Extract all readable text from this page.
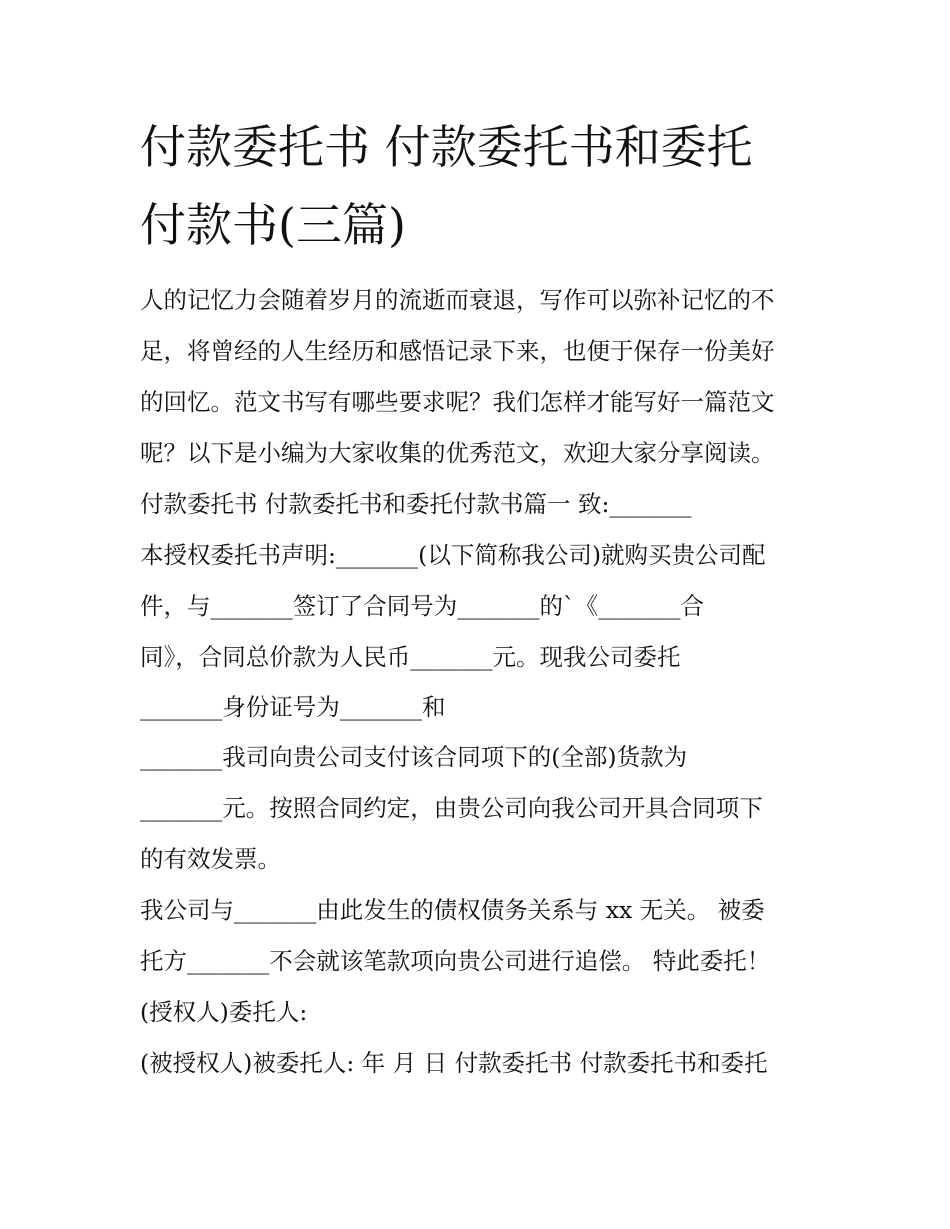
付款委托书 付款委托书和委托
付款书(三篇)
人的记忆力会随着岁月的流逝而衰退，写作可以弥补记忆的不
足，将曾经的人生经历和感悟记录下来，也便于保存一份美好
的回忆。范文书写有哪些要求呢？我们怎样才能写好一篇范文
呢？以下是小编为大家收集的优秀范文，欢迎大家分享阅读。
付款委托书 付款委托书和委托付款书篇一 致:_______
本授权委托书声明:_______(以下简称我公司)就购买贵公司配
件，与_______签订了合同号为_______的`《_______合
同》，合同总价款为人民币_______元。现我公司委托
_______身份证号为_______和
_______我司向贵公司支付该合同项下的(全部)货款为
_______元。按照合同约定，由贵公司向我公司开具合同项下
的有效发票。
我公司与_______由此发生的债权债务关系与 xx 无关。 被委
托方_______不会就该笔款项向贵公司进行追偿。 特此委托！
(授权人)委托人:
(被授权人)被委托人: 年 月 日 付款委托书 付款委托书和委托
